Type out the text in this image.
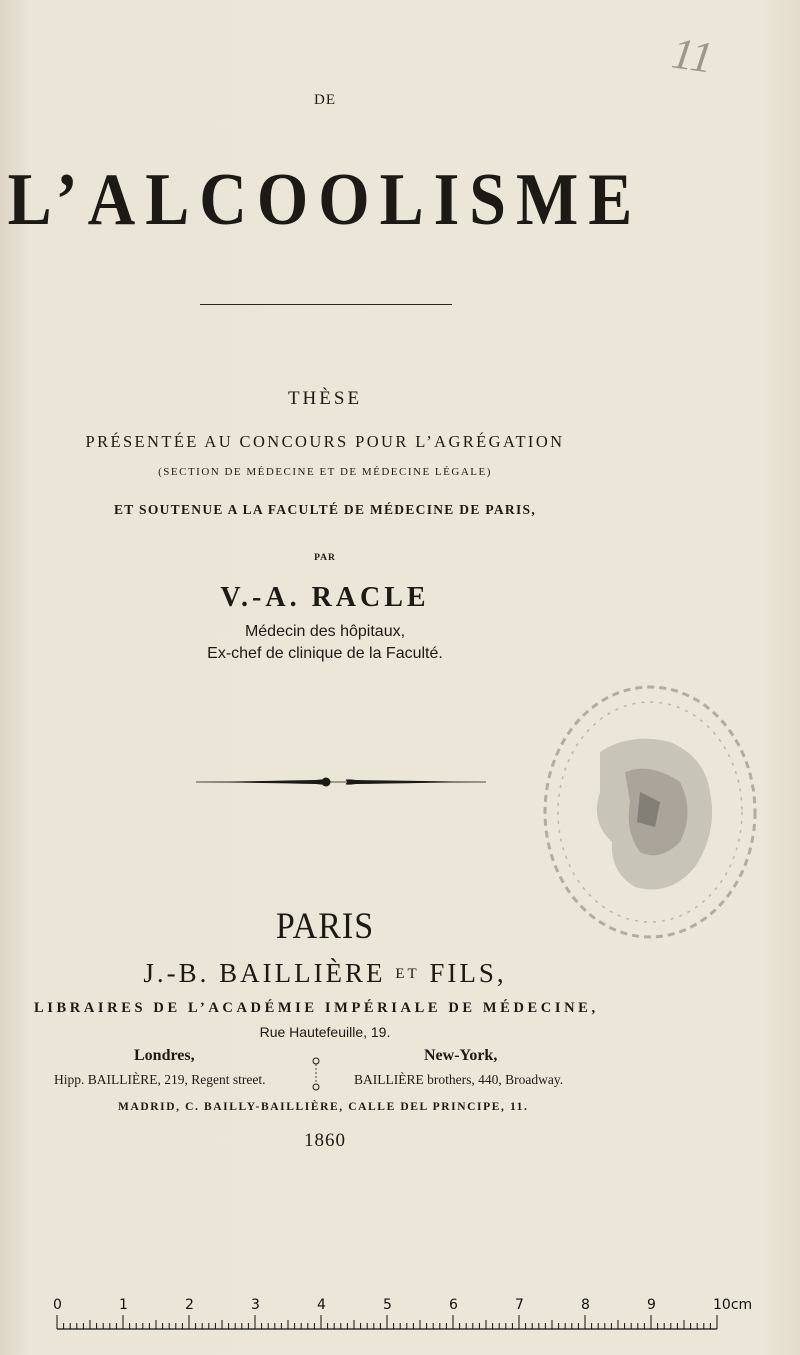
11
DE
L’ALCOOLISME
THÈSE
PRÉSENTÉE AU CONCOURS POUR L’AGRÉGATION
(SECTION DE MÉDECINE ET DE MÉDECINE LÉGALE)
ET SOUTENUE A LA FACULTÉ DE MÉDECINE DE PARIS,
PAR
V.-A. RACLE
Médecin des hôpitaux,
Ex-chef de clinique de la Faculté.
PARIS
J.-B. BAILLIÈRE ET FILS,
LIBRAIRES DE L’ACADÉMIE IMPÉRIALE DE MÉDECINE,
Rue Hautefeuille, 19.
Londres,	New-York,
Hipp. BAILLIÈRE, 219, Regent street.	BAILLIÈRE brothers, 440, Broadway.
MADRID, C. BAILLY-BAILLIÈRE, CALLE DEL PRINCIPE, 11.
1860
0	1	2	3	4	5	6	7	8	9	10cm
